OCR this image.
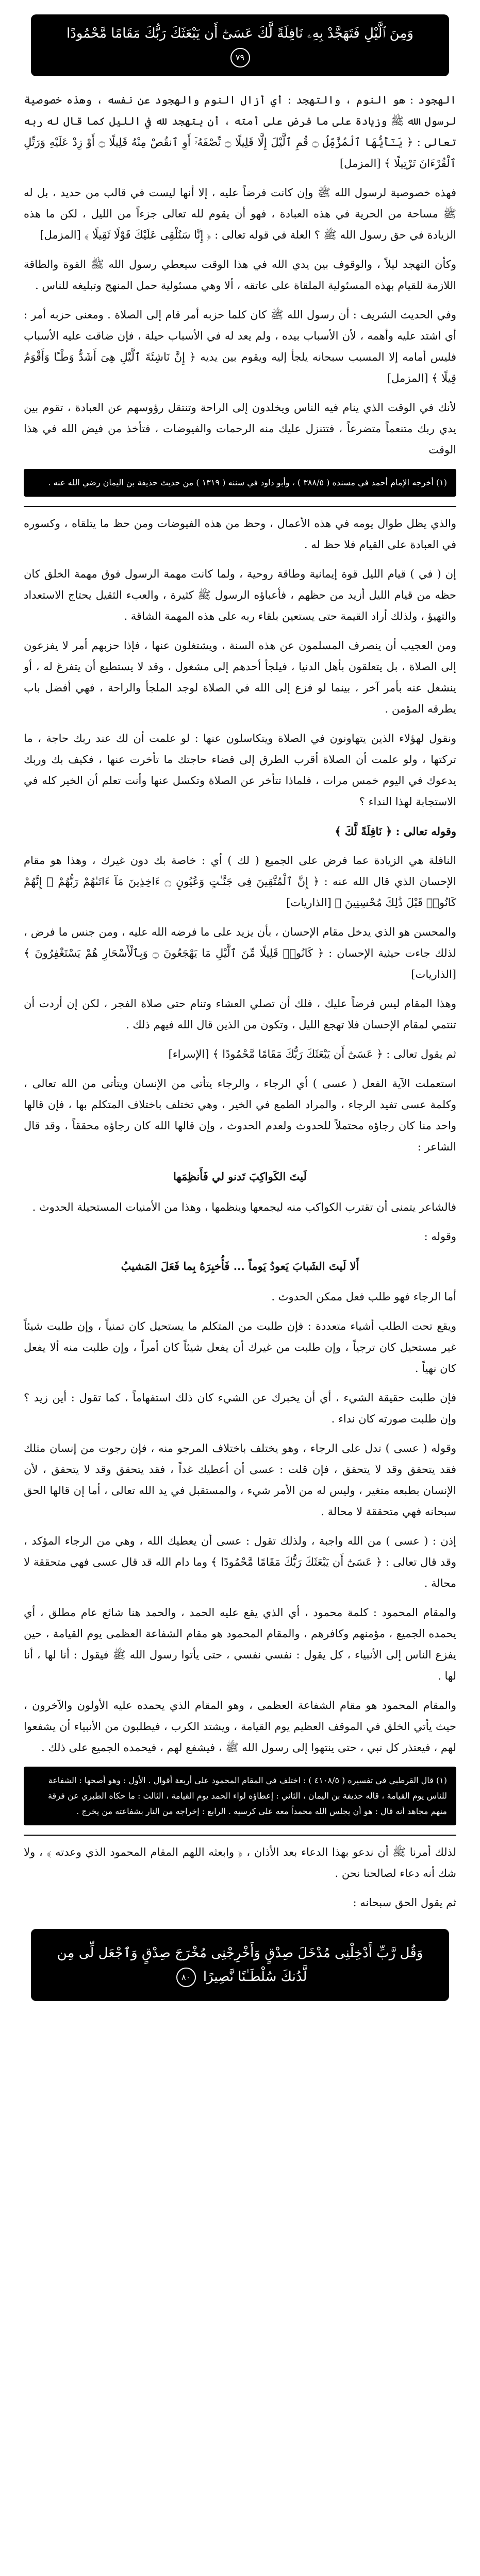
وَمِنَ ٱلَّيْلِ فَتَهَجَّدْ بِهِۦ نَافِلَةً لَّكَ عَسَىٰٓ أَن يَبْعَثَكَ رَبُّكَ مَقَامًا مَّحْمُودًا ٧٩

الهجود : هو النوم ، والتهجد : أي أزال النوم والهجود عن نفسه ، وهذه خصوصية لرسول الله ﷺ وزيادة على ما فرض على أمته ، أن يتهجد لله في الليل كما قال له ربه تعالى : ﴿ يَـٰٓأَيُّهَا ٱلْمُزَّمِّلُ ۝ قُمِ ٱلَّيْلَ إِلَّا قَلِيلًا ۝ نِّصْفَهُۥٓ أَوِ ٱنقُصْ مِنْهُ قَلِيلًا ۝ أَوْ زِدْ عَلَيْهِ وَرَتِّلِ ٱلْقُرْءَانَ تَرْتِيلًا ﴾ [المزمل]

فهذه خصوصية لرسول الله ﷺ وإن كانت فرضاً عليه ، إلا أنها ليست في قالب من حديد ، بل له ﷺ مساحة من الحرية في هذه العبادة ، فهو أن يقوم لله تعالى جزءاً من الليل ، لكن ما هذه الزيادة في حق رسول الله ﷺ ؟ العلة في قوله تعالى : ﴿ إِنَّا سَنُلْقِى عَلَيْكَ قَوْلًا ثَقِيلًا ﴾ [المزمل]

وكأن التهجد ليلاً ، والوقوف بين يدي الله في هذا الوقت سيعطي رسول الله ﷺ القوة والطاقة اللازمة للقيام بهذه المسئولية الملقاة على عاتقه ، ألا وهي مسئولية حمل المنهج وتبليغه للناس .

وفي الحديث الشريف : أن رسول الله ﷺ كان كلما حزبه أمر قام إلى الصلاة . ومعنى حزبه أمر : أي اشتد عليه وأهمه ، لأن الأسباب بيده ، ولم يعد له في الأسباب حيلة ، فإن ضاقت عليه الأسباب فليس أمامه إلا المسبب سبحانه يلجأ إليه ويقوم بين يديه ﴿ إِنَّ نَاشِئَةَ ٱلَّيْلِ هِىَ أَشَدُّ وَطْـًٔا وَأَقْوَمُ قِيلًا ﴾ [المزمل]

لأنك في الوقت الذي ينام فيه الناس ويخلدون إلى الراحة وتنتقل رؤوسهم عن العبادة ، تقوم بين يدي ربك متنعماً متضرعاً ، فتتنزل عليك منه الرحمات والفيوضات ، فتأخذ من فيض الله في هذا الوقت

(١) أخرجه الإمام أحمد في مسنده ( ٣٨٨/٥ ) ، وأبو داود في سننه ( ١٣١٩ ) من حديث حذيفة بن اليمان رضي الله عنه .

والذي يظل طوال يومه في هذه الأعمال ، وحظ من هذه الفيوضات ومن حظ ما يتلقاه ، وكسوره في العبادة على القيام فلا حظ له .

إن ( في ) قيام الليل قوة إيمانية وطاقة روحية ، ولما كانت مهمة الرسول فوق مهمة الخلق كان حظه من قيام الليل أزيد من حظهم ، فأعباؤه الرسول ﷺ كثيرة ، والعبء الثقيل يحتاج الاستعداد والتهيؤ ، ولذلك أراد القيمة حتى يستعين بلقاء ربه على هذه المهمة الشاقة .

ومن العجيب أن ينصرف المسلمون عن هذه السنة ، ويشتغلون عنها ، فإذا حزبهم أمر لا يفزعون إلى الصلاة ، بل يتعلقون بأهل الدنيا ، فيلجأ أحدهم إلى مشغول ، وقد لا يستطيع أن يتفرغ له ، أو ينشغل عنه بأمر آخر ، بينما لو فزع إلى الله في الصلاة لوجد الملجأ والراحة ، فهي أفضل باب يطرقه المؤمن .

ونقول لهؤلاء الذين يتهاونون في الصلاة ويتكاسلون عنها : لو علمت أن لك عند ربك حاجة ، ما تركتها ، ولو علمت أن الصلاة أقرب الطرق إلى قضاء حاجتك ما تأخرت عنها ، فكيف بك وربك يدعوك في اليوم خمس مرات ، فلماذا تتأخر عن الصلاة وتكسل عنها وأنت تعلم أن الخير كله في الاستجابة لهذا النداء ؟

وقوله تعالى : ﴿ نَافِلَةً لَّكَ ﴾

النافلة هي الزيادة عما فرض على الجميع ( لك ) أي : خاصة بك دون غيرك ، وهذا هو مقام الإحسان الذي قال الله عنه : ﴿ إِنَّ ٱلْمُتَّقِينَ فِى جَنَّـٰتٍ وَعُيُونٍ ۝ ءَاخِذِينَ مَآ ءَاتَىٰهُمْ رَبُّهُمْ ۚ إِنَّهُمْ كَانُوا۟ قَبْلَ ذَٰلِكَ مُحْسِنِينَ ﴾ [الذاريات]

والمحسن هو الذي يدخل مقام الإحسان ، بأن يزيد على ما فرضه الله عليه ، ومن جنس ما فرض ، لذلك جاءت حيثية الإحسان : ﴿ كَانُوا۟ قَلِيلًا مِّنَ ٱلَّيْلِ مَا يَهْجَعُونَ ۝ وَبِٱلْأَسْحَارِ هُمْ يَسْتَغْفِرُونَ ﴾ [الذاريات]

وهذا المقام ليس فرضاً عليك ، فلك أن تصلي العشاء وتنام حتى صلاة الفجر ، لكن إن أردت أن تنتمي لمقام الإحسان فلا تهجع الليل ، وتكون من الذين قال الله فيهم ذلك .

ثم يقول تعالى : ﴿ عَسَىٰٓ أَن يَبْعَثَكَ رَبُّكَ مَقَامًا مَّحْمُودًا ﴾ [الإسراء]

استعملت الآية الفعل ( عسى ) أي الرجاء ، والرجاء يتأتى من الإنسان ويتأتى من الله تعالى ، وكلمة عسى تفيد الرجاء ، والمراد الطمع في الخير ، وهي تختلف باختلاف المتكلم بها ، فإن قالها واحد منا كان رجاؤه محتملاً للحدوث ولعدم الحدوث ، وإن قالها الله كان رجاؤه محققاً ، وقد قال الشاعر :

لَيتَ الكَواكِبَ تَدنو لي فَأَنظِمَها

فالشاعر يتمنى أن تقترب الكواكب منه ليجمعها وينظمها ، وهذا من الأمنيات المستحيلة الحدوث .

وقوله :

أَلا لَيتَ الشَبابَ يَعودُ يَوماً ... فَأُخبِرَهُ بِما فَعَلَ المَشيبُ

أما الرجاء فهو طلب فعل ممكن الحدوث .

ويقع تحت الطلب أشياء متعددة : فإن طلبت من المتكلم ما يستحيل كان تمنياً ، وإن طلبت شيئاً غير مستحيل كان ترجياً ، وإن طلبت من غيرك أن يفعل شيئاً كان أمراً ، وإن طلبت منه ألا يفعل كان نهياً .

فإن طلبت حقيقة الشيء ، أي أن يخبرك عن الشيء كان ذلك استفهاماً ، كما تقول : أين زيد ؟ وإن طلبت صورته كان نداء .

وقوله ( عسى ) تدل على الرجاء ، وهو يختلف باختلاف المرجو منه ، فإن رجوت من إنسان مثلك فقد يتحقق وقد لا يتحقق ، فإن قلت : عسى أن أعطيك غداً ، فقد يتحقق وقد لا يتحقق ، لأن الإنسان بطبعه متغير ، وليس له من الأمر شيء ، والمستقبل في يد الله تعالى ، أما إن قالها الحق سبحانه فهي متحققة لا محالة .

إذن : ( عسى ) من الله واجبة ، ولذلك تقول : عسى أن يعطيك الله ، وهي من الرجاء المؤكد ، وقد قال تعالى : ﴿ عَسَىٰٓ أَن يَبْعَثَكَ رَبُّكَ مَقَامًا مَّحْمُودًا ﴾ وما دام الله قد قال عسى فهي متحققة لا محالة .

والمقام المحمود : كلمة محمود ، أي الذي يقع عليه الحمد ، والحمد هنا شائع عام مطلق ، أي يحمده الجميع ، مؤمنهم وكافرهم ، والمقام المحمود هو مقام الشفاعة العظمى يوم القيامة ، حين يفزع الناس إلى الأنبياء ، كل يقول : نفسي نفسي ، حتى يأتوا رسول الله ﷺ فيقول : أنا لها ، أنا لها .

والمقام المحمود هو مقام الشفاعة العظمى ، وهو المقام الذي يحمده عليه الأولون والآخرون ، حيث يأتي الخلق في الموقف العظيم يوم القيامة ، ويشتد الكرب ، فيطلبون من الأنبياء أن يشفعوا لهم ، فيعتذر كل نبي ، حتى ينتهوا إلى رسول الله ﷺ ، فيشفع لهم ، فيحمده الجميع على ذلك .

(١) قال القرطبي في تفسيره ( ٤١٠٨/٥ ) : اختلف في المقام المحمود على أربعة أقوال . الأول : وهو أصحها : الشفاعة للناس يوم القيامة ، قاله حذيفة بن اليمان ، الثاني : إعطاؤه لواء الحمد يوم القيامة ، الثالث : ما حكاه الطبري عن فرقة منهم مجاهد أنه قال : هو أن يجلس الله محمداً معه على كرسيه . الرابع : إخراجه من النار بشفاعته من يخرج .

لذلك أمرنا ﷺ أن ندعو بهذا الدعاء بعد الأذان ، ﴿ وابعثه اللهم المقام المحمود الذي وعدته ﴾ ، ولا شك أنه دعاء لصالحنا نحن .

ثم يقول الحق سبحانه :

وَقُل رَّبِّ أَدْخِلْنِى مُدْخَلَ صِدْقٍ وَأَخْرِجْنِى مُخْرَجَ صِدْقٍ وَٱجْعَل لِّى مِن لَّدُنكَ سُلْطَـٰنًا نَّصِيرًا ٨٠
